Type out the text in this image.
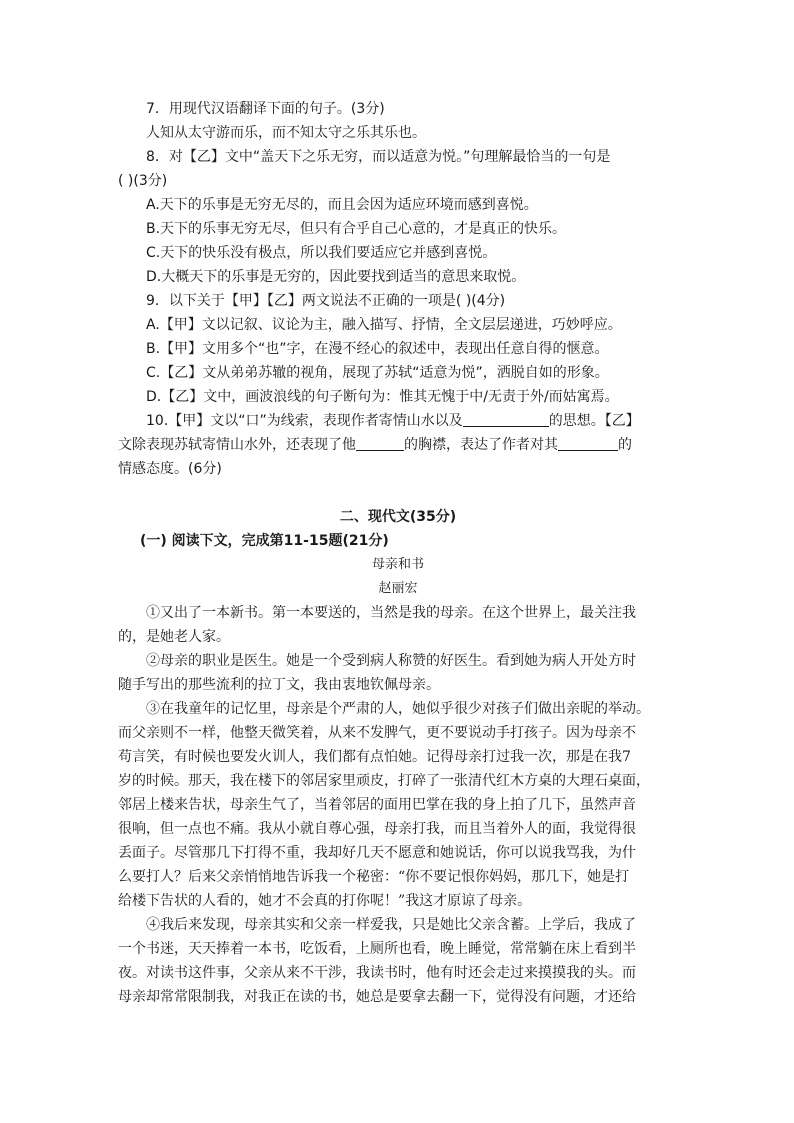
7．用现代汉语翻译下面的句子。(3分)
人知从太守游而乐，而不知太守之乐其乐也。
8．对【乙】文中“盖天下之乐无穷，而以适意为悦。”句理解最恰当的一句是
( )(3分)
A.天下的乐事是无穷无尽的，而且会因为适应环境而感到喜悦。
B.天下的乐事无穷无尽，但只有合乎自己心意的，才是真正的快乐。
C.天下的快乐没有极点，所以我们要适应它并感到喜悦。
D.大概天下的乐事是无穷的，因此要找到适当的意思来取悦。
9．以下关于【甲】【乙】两文说法不正确的一项是( )(4分)
A.【甲】文以记叙、议论为主，融入描写、抒情，全文层层递进，巧妙呼应。
B.【甲】文用多个“也”字，在漫不经心的叙述中，表现出任意自得的惬意。
C.【乙】文从弟弟苏辙的视角，展现了苏轼“适意为悦”，洒脱自如的形象。
D.【乙】文中，画波浪线的句子断句为：惟其无愧于中/无责于外/而姑寓焉。
10.【甲】文以“口”为线索，表现作者寄情山水以及	的思想。【乙】
文除表现苏轼寄情山水外，还表现了他	的胸襟，表达了作者对其	的
情感态度。(6分)
二、现代文(35分)
(一) 阅读下文，完成第11-15题(21分)
母亲和书
赵丽宏
①又出了一本新书。第一本要送的，当然是我的母亲。在这个世界上，最关注我
的，是她老人家。
②母亲的职业是医生。她是一个受到病人称赞的好医生。看到她为病人开处方时
随手写出的那些流利的拉丁文，我由衷地钦佩母亲。
③在我童年的记忆里，母亲是个严肃的人，她似乎很少对孩子们做出亲昵的举动。
而父亲则不一样，他整天微笑着，从来不发脾气，更不要说动手打孩子。因为母亲不
苟言笑，有时候也要发火训人，我们都有点怕她。记得母亲打过我一次，那是在我7
岁的时候。那天，我在楼下的邻居家里顽皮，打碎了一张清代红木方桌的大理石桌面，
邻居上楼来告状，母亲生气了，当着邻居的面用巴掌在我的身上拍了几下，虽然声音
很响，但一点也不痛。我从小就自尊心强，母亲打我，而且当着外人的面，我觉得很
丢面子。尽管那几下打得不重，我却好几天不愿意和她说话，你可以说我骂我，为什
么要打人？后来父亲悄悄地告诉我一个秘密：“你不要记恨你妈妈，那几下，她是打
给楼下告状的人看的，她才不会真的打你呢！”我这才原谅了母亲。
④我后来发现，母亲其实和父亲一样爱我，只是她比父亲含蓄。上学后，我成了
一个书迷，天天捧着一本书，吃饭看，上厕所也看，晚上睡觉，常常躺在床上看到半
夜。对读书这件事，父亲从来不干涉，我读书时，他有时还会走过来摸摸我的头。而
母亲却常常限制我，对我正在读的书，她总是要拿去翻一下，觉得没有问题，才还给
